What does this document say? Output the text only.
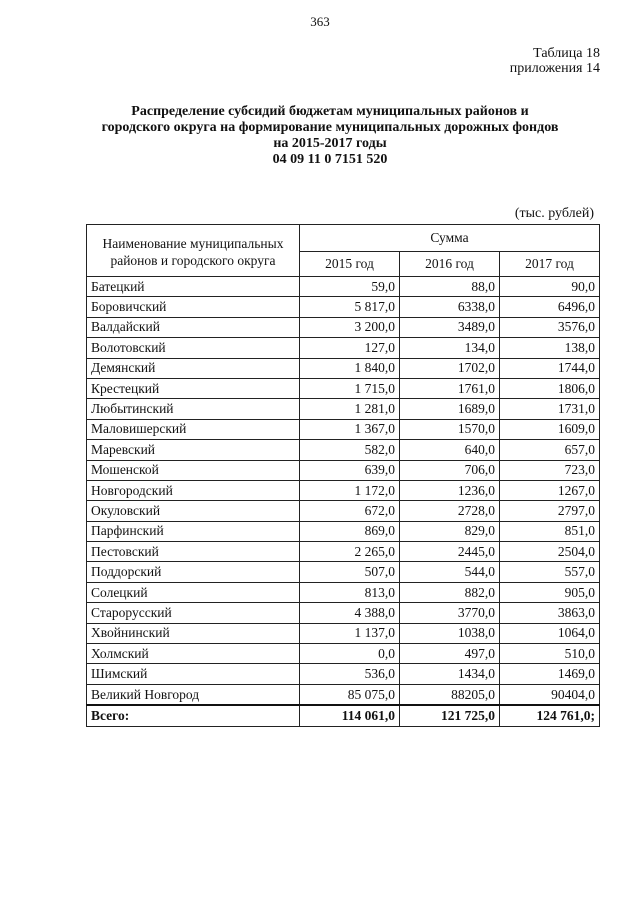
363
Таблица 18
приложения 14
Распределение субсидий бюджетам муниципальных районов и
городского округа на формирование муниципальных дорожных фондов
на 2015-2017 годы
04 09 11 0 7151 520
(тыс. рублей)
Наименование муниципальных районов и городского округа	Сумма		
	2015 год	2016 год	2017 год
Батецкий	59,0	88,0	90,0
Боровичский	5 817,0	6338,0	6496,0
Валдайский	3 200,0	3489,0	3576,0
Волотовский	127,0	134,0	138,0
Демянский	1 840,0	1702,0	1744,0
Крестецкий	1 715,0	1761,0	1806,0
Любытинский	1 281,0	1689,0	1731,0
Маловишерский	1 367,0	1570,0	1609,0
Маревский	582,0	640,0	657,0
Мошенской	639,0	706,0	723,0
Новгородский	1 172,0	1236,0	1267,0
Окуловский	672,0	2728,0	2797,0
Парфинский	869,0	829,0	851,0
Пестовский	2 265,0	2445,0	2504,0
Поддорский	507,0	544,0	557,0
Солецкий	813,0	882,0	905,0
Старорусский	4 388,0	3770,0	3863,0
Хвойнинский	1 137,0	1038,0	1064,0
Холмский	0,0	497,0	510,0
Шимский	536,0	1434,0	1469,0
Великий Новгород	85 075,0	88205,0	90404,0
Всего:	114 061,0	121 725,0	124 761,0;
